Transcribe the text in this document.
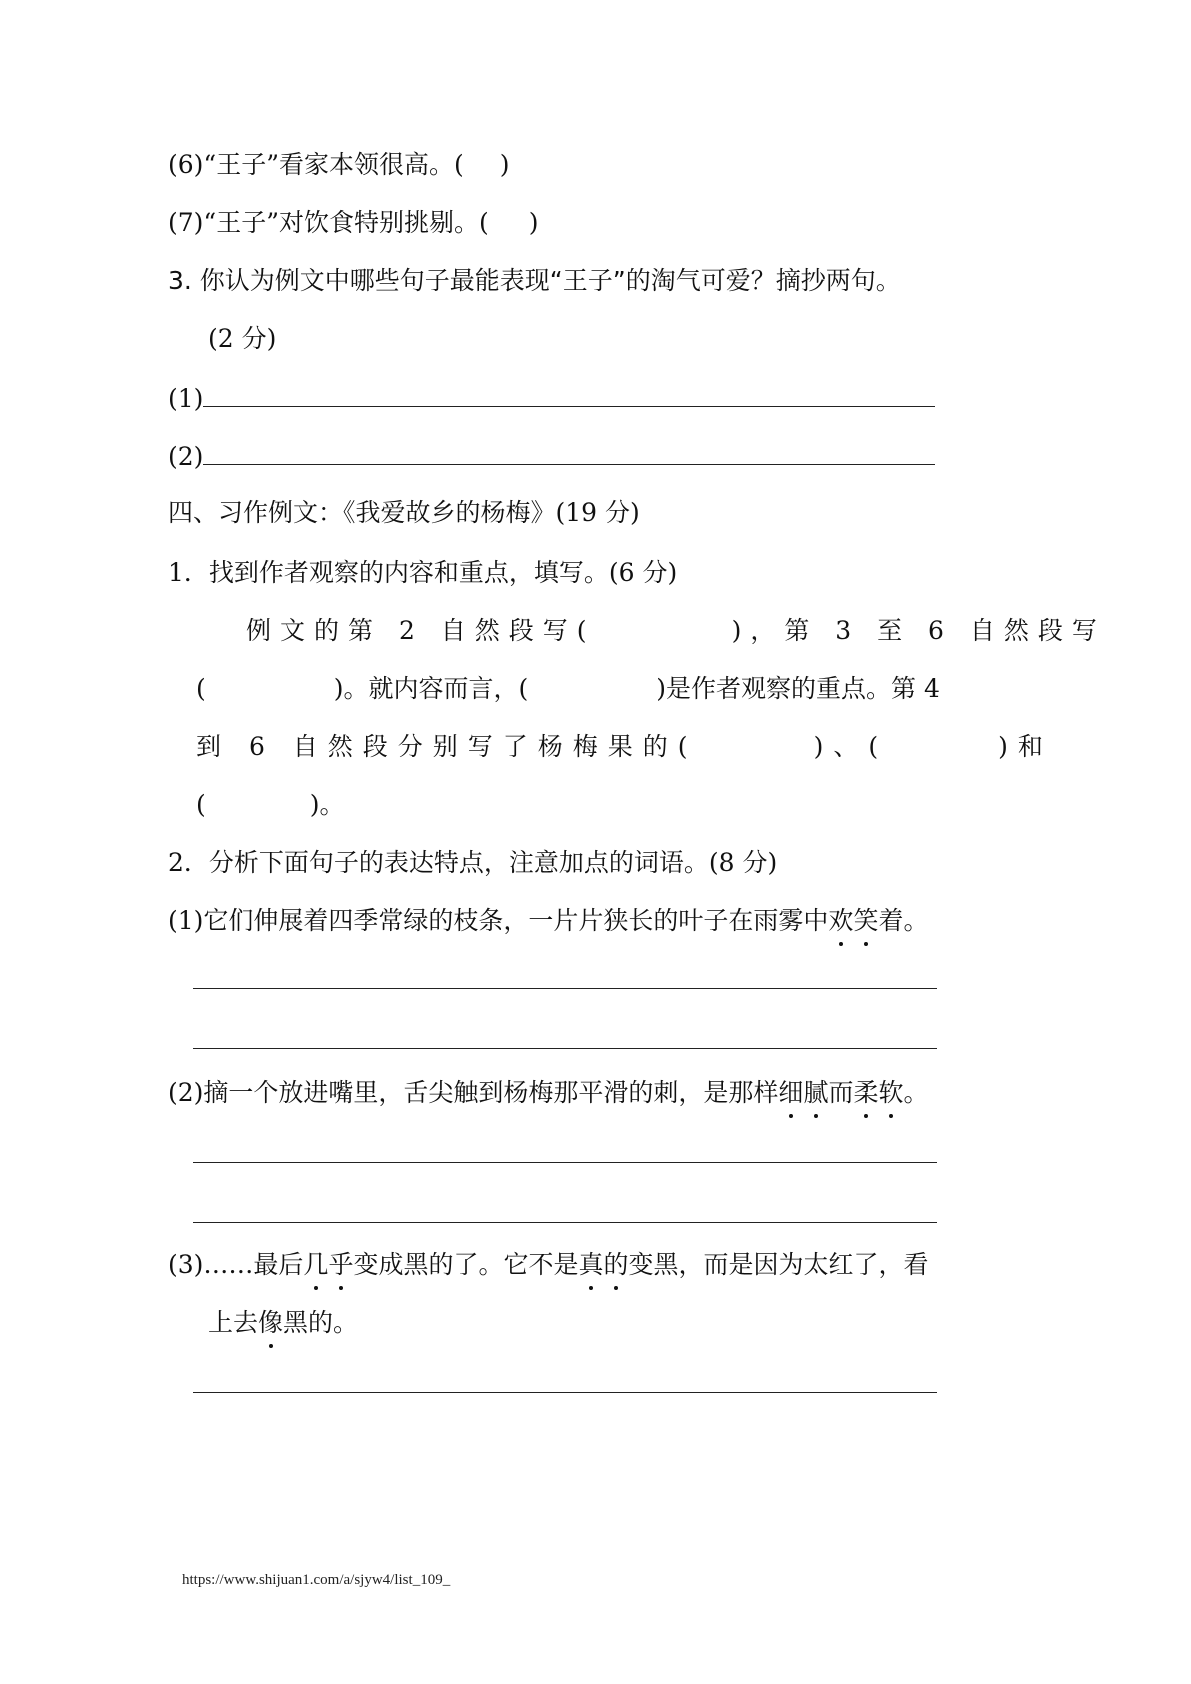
(6)“王子”看家本领很高。( )
(7)“王子”对饮食特别挑剔。( )
3. 你认为例文中哪些句子最能表现“王子”的淘气可爱？摘抄两句。
(2 分)
(1)
(2)
四、习作例文：《我爱故乡的杨梅》(19 分)
1．找到作者观察的内容和重点，填写。(6 分)
例文的第 2 自然段写(	)，第 3 至 6 自然段写
(	)。就内容而言，(	)是作者观察的重点。第 4
到 6 自然段分别写了杨梅果的(	)、(	)和
(	)。
2．分析下面句子的表达特点，注意加点的词语。(8 分)
(1)它们伸展着四季常绿的枝条，一片片狭长的叶子在雨雾中欢笑着。
(2)摘一个放进嘴里，舌尖触到杨梅那平滑的刺，是那样细腻而柔软。
(3)……最后几乎变成黑的了。它不是真的变黑，而是因为太红了，看
上去像黑的。
https://www.shijuan1.com/a/sjyw4/list_109_
